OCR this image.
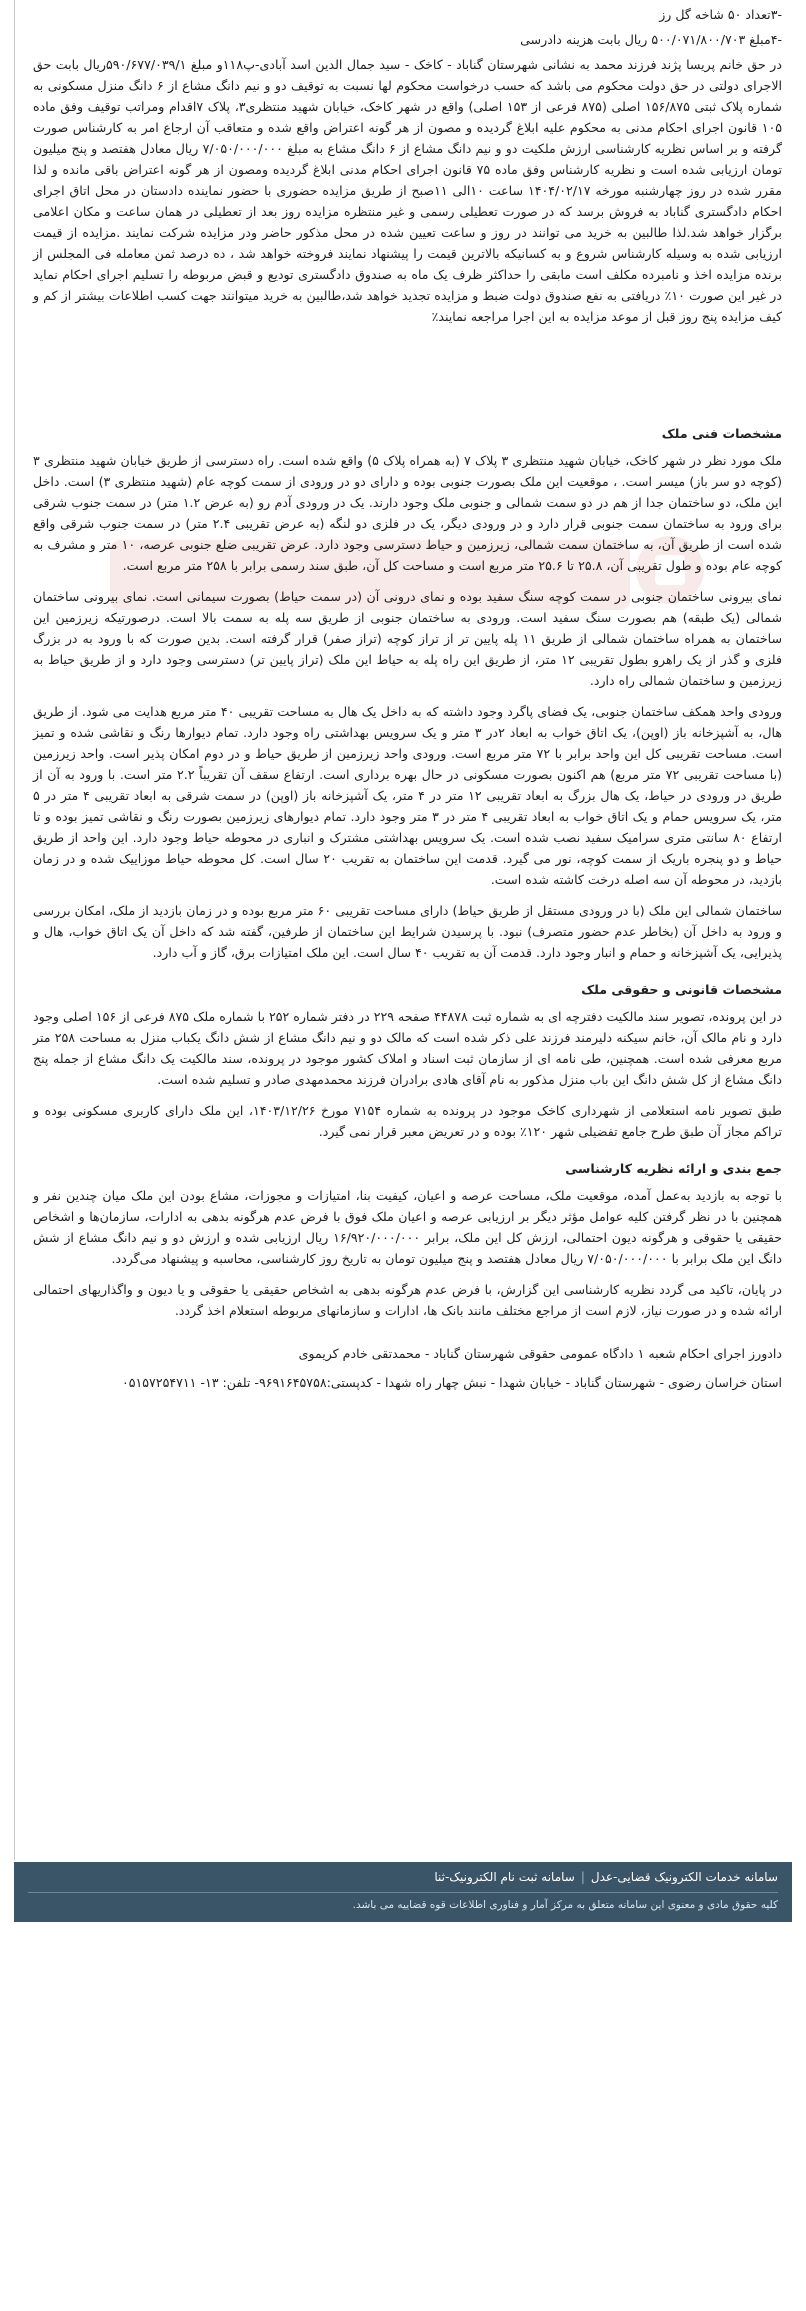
-۳تعداد ۵۰ شاخه گل رز
-۴مبلغ ۵۰۰/۰۷۱/۸۰۰/۷۰۳ ریال بابت هزینه دادرسی

در حق خانم پریسا پژند فرزند محمد به نشانی شهرستان گناباد - کاخک - سید جمال الدین اسد آبادی-پ۱۱۸و مبلغ ۵۹۰/۶۷۷/۰۳۹/۱ریال بابت حق الاجرای دولتی در حق دولت محکوم می باشد که حسب درخواست محکوم لها نسبت به توقیف دو و نیم دانگ مشاع از ۶ دانگ منزل مسکونی به شماره پلاک ثبتی ۱۵۶/۸۷۵ اصلی (۸۷۵ فرعی از ۱۵۳ اصلی) واقع در شهر کاخک، خیابان شهید منتظری۳، پلاک ۷اقدام ومراتب توقیف وفق ماده ۱۰۵ قانون اجرای احکام مدنی به محکوم علیه ابلاغ گردیده و مصون از هر گونه اعتراض واقع شده و متعاقب آن ارجاع امر به کارشناس صورت گرفته و بر اساس نظریه کارشناسی ارزش ملکیت دو و نیم دانگ مشاع از ۶ دانگ مشاع به مبلغ ۷/۰۵۰/۰۰۰/۰۰۰ ریال معادل هفتصد و پنج میلیون تومان ارزیابی شده است و نظریه کارشناس وفق ماده ۷۵ قانون اجرای احکام مدنی ابلاغ گردیده ومصون از هر گونه اعتراض باقی مانده و لذا مقرر شده در روز چهارشنبه مورخه ۱۴۰۴/۰۲/۱۷ ساعت ۱۰الی ۱۱صبح از طریق مزایده حضوری با حضور نماینده دادستان در محل اتاق اجرای احکام دادگستری گناباد به فروش برسد که در صورت تعطیلی رسمی و غیر منتظره مزایده روز بعد از تعطیلی در همان ساعت و مکان اعلامی برگزار خواهد شد.لذا طالبین به خرید می توانند در روز و ساعت تعیین شده در محل مذکور حاضر ودر مزایده شرکت نمایند .مزایده از قیمت ارزیابی شده به وسیله کارشناس شروع و به کسانیکه بالاترین قیمت را پیشنهاد نمایند فروخته خواهد شد ، ده درصد ثمن معامله فی المجلس از برنده مزایده اخذ و نامبرده مکلف است مابقی را حداکثر ظرف یک ماه به صندوق دادگستری تودیع و قبض مربوطه را تسلیم اجرای احکام نماید در غیر این صورت ۱۰٪ دریافتی به نفع صندوق دولت ضبط و مزایده تجدید خواهد شد،طالبین به خرید میتوانند جهت کسب اطلاعات بیشتر از کم و کیف مزایده پنج روز قبل از موعد مزایده به این اجرا مراجعه نمایند٪

مشخصات فنی ملک

ملک مورد نظر در شهر کاخک، خیابان شهید منتظری ۳ پلاک ۷ (به همراه پلاک ۵) واقع شده است. راه دسترسی از طریق خیابان شهید منتظری ۳ (کوچه دو سر باز) میسر است. ، موقعیت این ملک بصورت جنوبی بوده و دارای دو در ورودی از سمت کوچه عام (شهید منتظری ۳) است. داخل این ملک، دو ساختمان جدا از هم در دو سمت شمالی و جنوبی ملک وجود دارند. یک در ورودی آدم رو (به عرض ۱.۲ متر) در سمت جنوب شرقی برای ورود به ساختمان سمت جنوبی قرار دارد و در ورودی دیگر، یک در فلزی دو لنگه (به عرض تقریبی ۲.۴ متر) در سمت جنوب شرقی واقع شده است از طریق آن، به ساختمان سمت شمالی، زیرزمین و حیاط دسترسی وجود دارد. عرض تقریبی ضلع جنوبی عرصه، ۱۰ متر و مشرف به کوچه عام بوده و طول تقریبی آن، ۲۵.۸ تا ۲۵.۶ متر مربع است و مساحت کل آن، طبق سند رسمی برابر با ۲۵۸ متر مربع است.

نمای بیرونی ساختمان جنوبی در سمت کوچه سنگ سفید بوده و نمای درونی آن (در سمت حیاط) بصورت سیمانی است. نمای بیرونی ساختمان شمالی (یک طبقه) هم بصورت سنگ سفید است. ورودی به ساختمان جنوبی از طریق سه پله به سمت بالا است. درصورتیکه زیرزمین این ساختمان به همراه ساختمان شمالی از طریق ۱۱ پله پایین تر از تراز کوچه (تراز صفر) قرار گرفته است. بدین صورت که با ورود به در بزرگ فلزی و گذر از یک راهرو بطول تقریبی ۱۲ متر، از طریق این راه پله به حیاط این ملک (تراز پایین تر) دسترسی وجود دارد و از طریق حیاط به زیرزمین و ساختمان شمالی راه دارد.

ورودی واحد همکف ساختمان جنوبی، یک فضای پاگرد وجود داشته که به داخل یک هال به مساحت تقریبی ۴۰ متر مربع هدایت می شود. از طریق هال، به آشپزخانه باز (اوپن)، یک اتاق خواب به ابعاد ۲در ۳ متر و یک سرویس بهداشتی راه وجود دارد. تمام دیوارها رنگ و نقاشی شده و تمیز است. مساحت تقریبی کل این واحد برابر با ۷۲ متر مربع است. ورودی واحد زیرزمین از طریق حیاط و در دوم امکان پذیر است. واحد زیرزمین (با مساحت تقریبی ۷۲ متر مربع) هم اکنون بصورت مسکونی در حال بهره برداری است. ارتفاع سقف آن تقریباً ۲.۲ متر است. با ورود به آن از طریق در ورودی در حیاط، یک هال بزرگ به ابعاد تقریبی ۱۲ متر در ۴ متر، یک آشپزخانه باز (اوپن) در سمت شرقی به ابعاد تقریبی ۴ متر در ۵ متر، یک سرویس حمام و یک اتاق خواب به ابعاد تقریبی ۴ متر در ۳ متر وجود دارد. تمام دیوارهای زیرزمین بصورت رنگ و نقاشی تمیز بوده و تا ارتفاع ۸۰ سانتی متری سرامیک سفید نصب شده است. یک سرویس بهداشتی مشترک و انباری در محوطه حیاط وجود دارد. این واحد از طریق حیاط و دو پنجره باریک از سمت کوچه، نور می گیرد. قدمت این ساختمان به تقریب ۲۰ سال است. کل محوطه حیاط موزاییک شده و در زمان بازدید، در محوطه آن سه اصله درخت کاشته شده است.

ساختمان شمالی این ملک (با در ورودی مستقل از طریق حیاط) دارای مساحت تقریبی ۶۰ متر مربع بوده و در زمان بازدید از ملک، امکان بررسی و ورود به داخل آن (بخاطر عدم حضور متصرف) نبود. با پرسیدن شرایط این ساختمان از طرفین، گفته شد که داخل آن یک اتاق خواب، هال و پذیرایی، یک آشپزخانه و حمام و انبار وجود دارد. قدمت آن به تقریب ۴۰ سال است. این ملک امتیازات برق، گاز و آب دارد.

مشخصات قانونی و حقوقی ملک

در این پرونده، تصویر سند مالکیت دفترچه ای به شماره ثبت ۴۴۸۷۸ صفحه ۲۲۹ در دفتر شماره ۲۵۲ با شماره ملک ۸۷۵ فرعی از ۱۵۶ اصلی وجود دارد و نام مالک آن، خانم سیکنه دلیرمند فرزند علی ذکر شده است که مالک دو و نیم دانگ مشاع از شش دانگ یکباب منزل به مساحت ۲۵۸ متر مربع معرفی شده است. همچنین، طی نامه ای از سازمان ثبت اسناد و املاک کشور موجود در پرونده، سند مالکیت یک دانگ مشاع از جمله پنج دانگ مشاع از کل شش دانگ این باب منزل مذکور به نام آقای هادی برادران فرزند محمدمهدی صادر و تسلیم شده است.

طبق تصویر نامه استعلامی از شهرداری کاخک موجود در پرونده به شماره ۷۱۵۴ مورخ ۱۴۰۳/۱۲/۲۶، این ملک دارای کاربری مسکونی بوده و تراکم مجاز آن طبق طرح جامع تفضیلی شهر ۱۲۰٪ بوده و در تعریض معبر قرار نمی گیرد.

جمع بندی و ارائه نظریه کارشناسی

با توجه به بازدید به‌عمل آمده، موقعیت ملک، مساحت عرصه و اعیان، کیفیت بنا، امتیازات و مجوزات، مشاع بودن این ملک میان چندین نفر و همچنین با در نظر گرفتن کلیه عوامل مؤثر دیگر بر ارزیابی عرصه و اعیان ملک فوق با فرض عدم هرگونه بدهی به ادارات، سازمان‌ها و اشخاص حقیقی یا حقوقی و هرگونه دیون احتمالی، ارزش کل این ملک، برابر ۱۶/۹۲۰/۰۰۰/۰۰۰ ریال ارزیابی شده و ارزش دو و نیم دانگ مشاع از شش دانگ این ملک برابر با ۷/۰۵۰/۰۰۰/۰۰۰ ریال معادل هفتصد و پنج میلیون تومان به تاریخ روز کارشناسی، محاسبه و پیشنهاد می‌گردد.

در پایان، تاکید می گردد نظریه کارشناسی این گزارش، با فرض عدم هرگونه بدهی به اشخاص حقیقی یا حقوقی و یا دیون و واگذاریهای احتمالی ارائه شده و در صورت نیاز، لازم است از مراجع مختلف مانند بانک ها، ادارات و سازمانهای مربوطه استعلام اخذ گردد.

دادورز اجرای احکام شعبه ۱ دادگاه عمومی حقوقی شهرستان گناباد - محمدتقی خادم کریموی
استان خراسان رضوی - شهرستان گناباد - خیابان شهدا - نبش چهار راه شهدا - کدپستی:۹۶۹۱۶۴۵۷۵۸- تلفن: ۱۳- ۰۵۱۵۷۲۵۴۷۱۱
سامانه خدمات الکترونیک قضایی-عدل
|
سامانه ثبت نام الکترونیک-ثنا
کلیه حقوق مادی و معنوی این سامانه متعلق به مرکز آمار و فناوری اطلاعات قوه قضاییه می باشد.
